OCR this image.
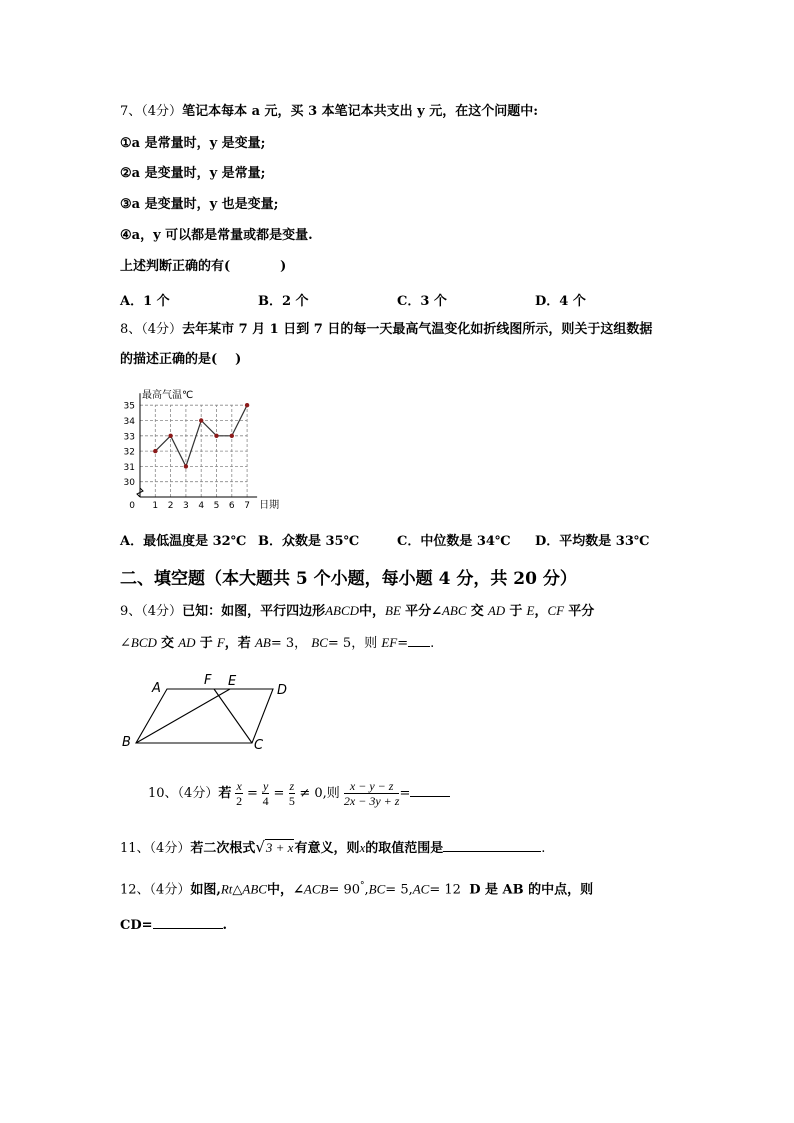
7、（4分）笔记本每本 a 元，买 3 本笔记本共支出 y 元，在这个问题中:
①a 是常量时，y 是变量;
②a 是变量时，y 是常量;
③a 是变量时，y 也是变量;
④a，y 可以都是常量或都是变量.
上述判断正确的有(	)
A．1 个	B．2 个	C．3 个	D．4 个
8、（4分）去年某市 7 月 1 日到 7 日的每一天最高气温变化如折线图所示，则关于这组数据
的描述正确的是( )
30
31
32
33
34
35
1 2 3 4 5 6 7
0
最高气温℃
日期
A．最低温度是 32℃ B．众数是 35℃	C．中位数是 34℃ D．平均数是 33℃
二、填空题（本大题共 5 个小题，每小题 4 分，共 20 分）
9、（4分）已知：如图，平行四边形ABCD中，BE 平分∠ABC 交 AD 于 E，CF 平分
∠BCD 交 AD 于 F，若 AB= 3， BC= 5，则 EF= .
A
F E
D
B	C
10、（4分）若 $\frac{x}{2} = \frac{y}{4} = \frac{z}{5} \ne 0$,则 $\frac{x - y - z}{2x - 3y + z}$ =
11、（4分）若二次根式√3 + x有意义，则x的取值范围是	.
12、（4分）如图,Rt△ABC中，∠ACB= 90°,BC= 5,AC= 12 D 是 AB 的中点，则
CD=	.
